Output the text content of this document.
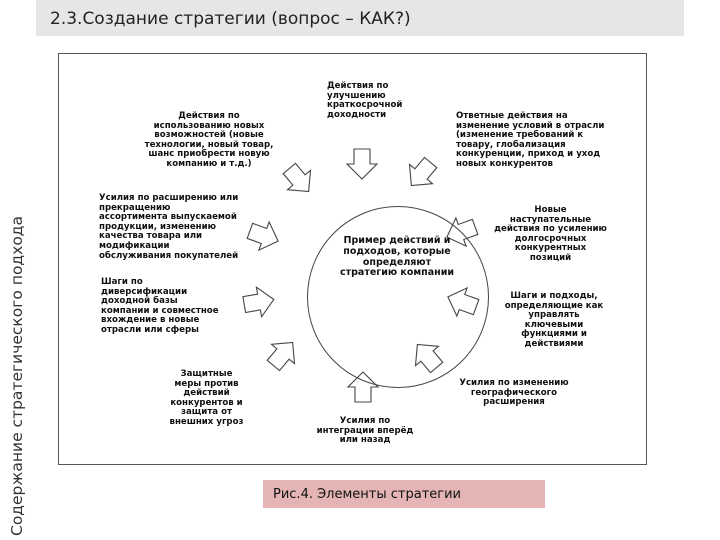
Содержание стратегического подхода
2.3.Создание стратегии (вопрос – КАК?)
Пример действий и подходов, которые определяют стратегию компании
Действия по улучшению краткосрочной доходности	Ответные действия на изменение условий в отрасли (изменение требований к товару, глобализация конкуренции, приход и уход новых конкурентов
Новые наступательные действия по усилению долгосрочных конкурентных позиций
Шаги и подходы, определяющие как управлять ключевыми функциями и действиями
Усилия по изменению географического расширения
Усилия по интеграции вперёд или назад
Защитные меры против действий конкурентов и защита от внешних угроз
Шаги по диверсификации доходной базы компании и совместное вхождение в новые отрасли или сферы
Усилия по расширению или прекращению ассортимента выпускаемой продукции, изменению качества товара или модификации обслуживания покупателей
Действия по использованию новых возможностей (новые технологии, новый товар, шанс приобрести новую компанию и т.д.)
Рис.4. Элементы стратегии
